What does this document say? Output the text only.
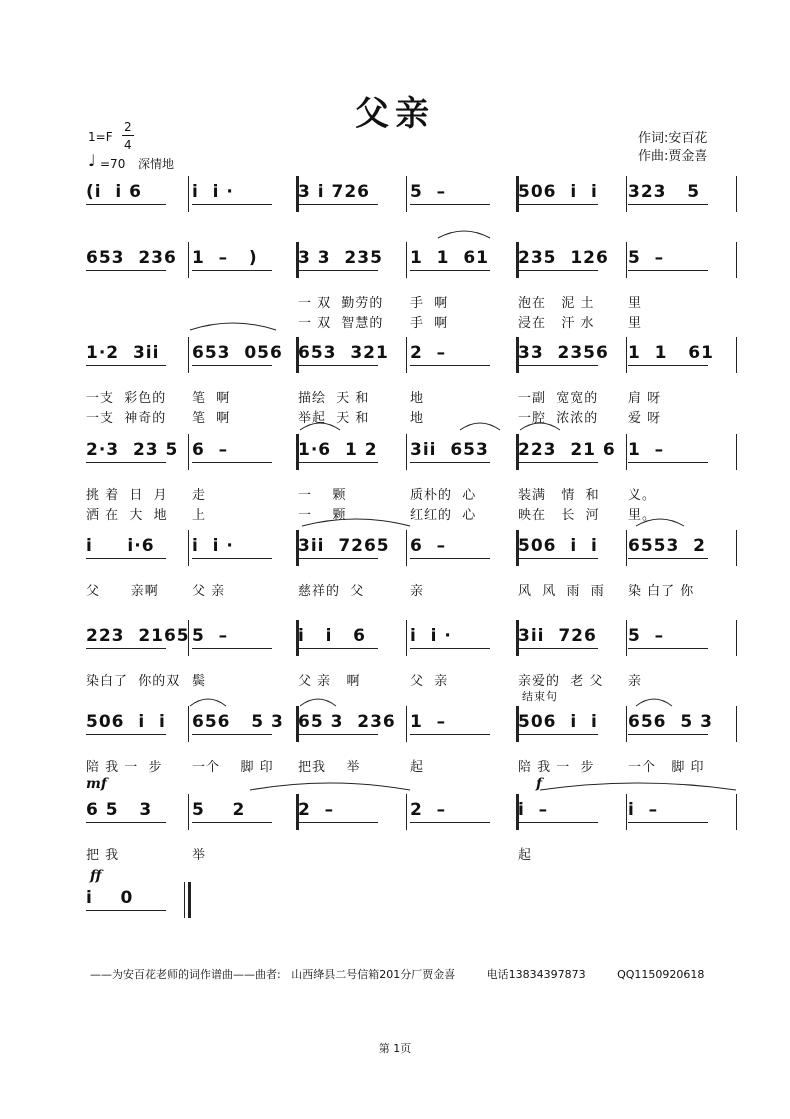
父亲
1=F
2
4
♩ =70 深情地
作词:安百花
作曲:贾金喜
(i  i 6	i  i ·	3 i 726 5  –	506  i  i 323   5
653  236 1  –   ) 3 3  235 1  1  61 235  126 5  –
一 双  勤劳的 手  啊	泡在   泥 土	里
一 双  智慧的 手  啊	浸在   汗 水	里
1·2  3ii 653  056 653  321 2  –	33  2356 1  1   61
一支  彩色的 笔  啊	描绘  天 和	地	一副  宽宽的 肩 呀
一支  神奇的 笔  啊	举起  天 和	地	一腔  浓浓的 爱 呀
2·3  23 5 6  –	1·6  1 2 3ii  653 223  21 6 1  –
挑 着  日  月 走	一    颗	质朴的  心	装满   情  和 义。
洒 在  大  地 上	一    颗	红红的  心	映在   长  河 里。
i     i·6 i  i ·	3ii  7265 6  –	506  i  i 6553  2
父      亲啊	父 亲	慈祥的  父	亲	风  风  雨  雨 染 白了 你
223  2165 5  –	i   i   6	i  i ·	3ii  726 5  –
染白了  你的双 鬓	父 亲   啊	父  亲	亲爱的  老 父 亲
506  i  i 656   5 3 65 3  236 1  –	506  i  i 656  5 3
陪 我 一  步 一个    脚 印 把我    举	起	陪 我 一  步	一个   脚 印
6 5   3 5    2	2  –	2  –	i  –	i  –
把 我	举	起
i    0
结束句
mf	f
ff
——为安百花老师的词作谱曲——曲者:   山西绛县二号信箱201分厂贾金喜         电话13834397873         QQ1150920618
第 1页
